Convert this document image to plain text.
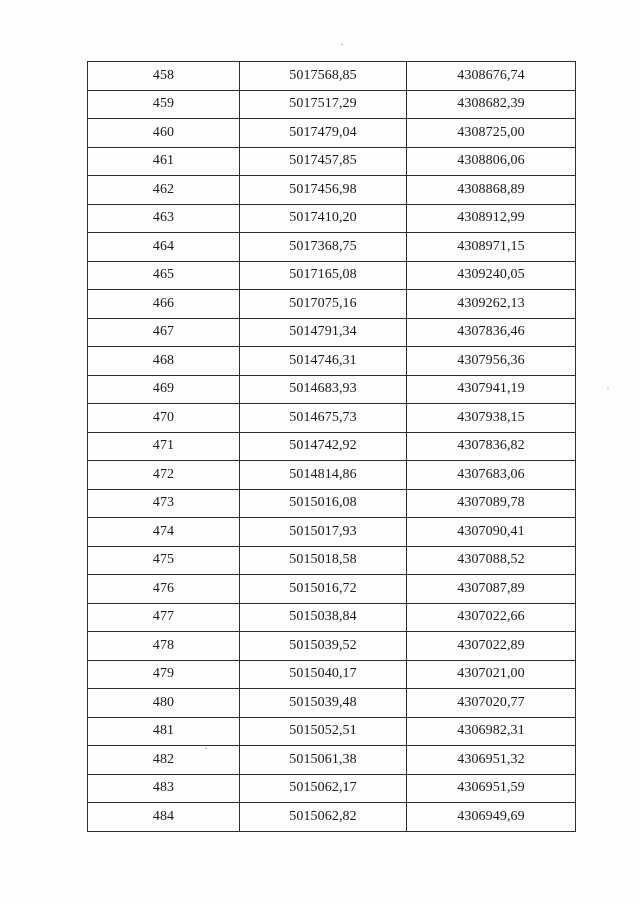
458	5017568,85	4308676,74
459	5017517,29	4308682,39
460	5017479,04	4308725,00
461	5017457,85	4308806,06
462	5017456,98	4308868,89
463	5017410,20	4308912,99
464	5017368,75	4308971,15
465	5017165,08	4309240,05
466	5017075,16	4309262,13
467	5014791,34	4307836,46
468	5014746,31	4307956,36
469	5014683,93	4307941,19
470	5014675,73	4307938,15
471	5014742,92	4307836,82
472	5014814,86	4307683,06
473	5015016,08	4307089,78
474	5015017,93	4307090,41
475	5015018,58	4307088,52
476	5015016,72	4307087,89
477	5015038,84	4307022,66
478	5015039,52	4307022,89
479	5015040,17	4307021,00
480	5015039,48	4307020,77
481	5015052,51	4306982,31
482	5015061,38	4306951,32
483	5015062,17	4306951,59
484	5015062,82	4306949,69
